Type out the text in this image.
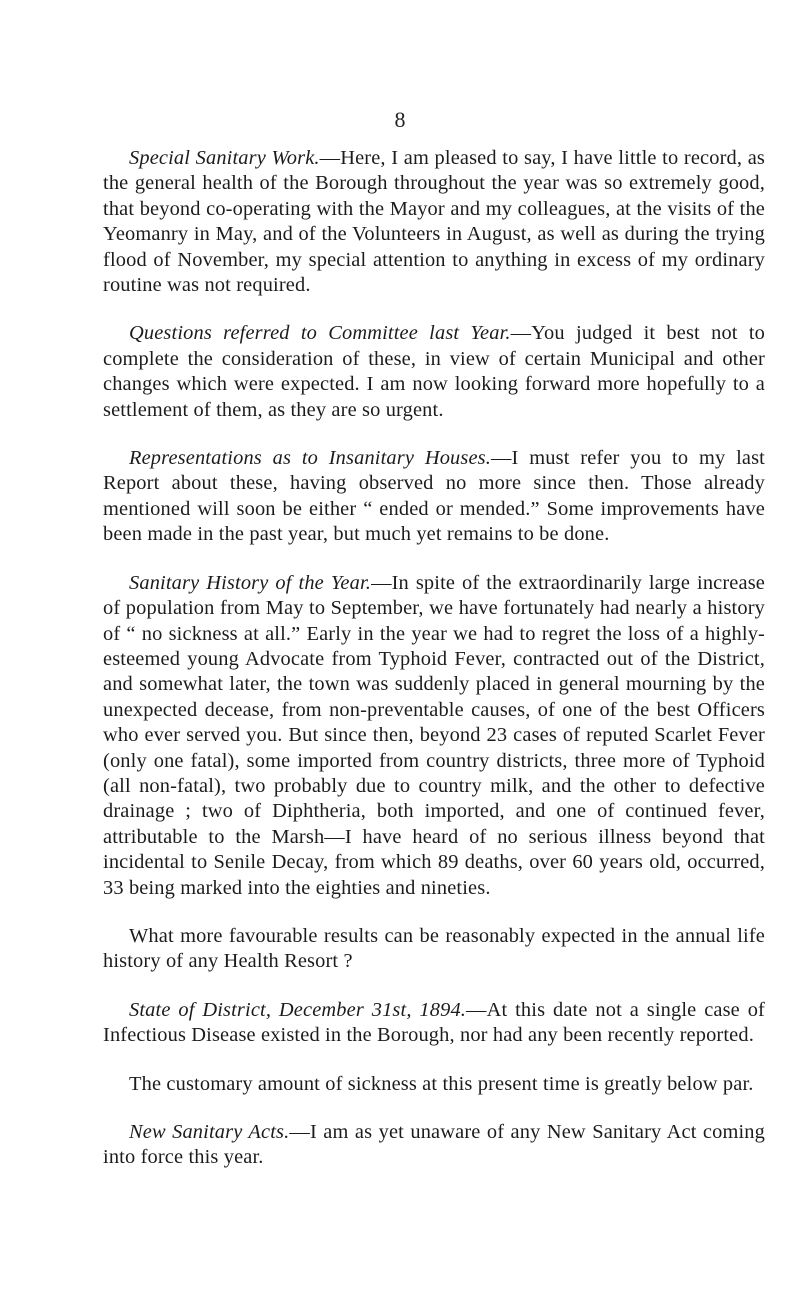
8

Special Sanitary Work.—Here, I am pleased to say, I have little to record, as the general health of the Borough throughout the year was so extremely good, that beyond co-operating with the Mayor and my colleagues, at the visits of the Yeomanry in May, and of the Volunteers in August, as well as during the trying flood of November, my special attention to anything in excess of my ordinary routine was not required.

Questions referred to Committee last Year.—You judged it best not to complete the consideration of these, in view of certain Municipal and other changes which were expected. I am now looking forward more hopefully to a settlement of them, as they are so urgent.

Representations as to Insanitary Houses.—I must refer you to my last Report about these, having observed no more since then. Those already mentioned will soon be either “ ended or mended.” Some improvements have been made in the past year, but much yet remains to be done.

Sanitary History of the Year.—In spite of the extraordinarily large increase of population from May to September, we have fortunately had nearly a history of “ no sickness at all.” Early in the year we had to regret the loss of a highly-esteemed young Advocate from Typhoid Fever, contracted out of the District, and somewhat later, the town was suddenly placed in general mourning by the unexpected decease, from non-preventable causes, of one of the best Officers who ever served you. But since then, beyond 23 cases of reputed Scarlet Fever (only one fatal), some imported from country districts, three more of Typhoid (all non-fatal), two probably due to country milk, and the other to defective drainage ; two of Diphtheria, both imported, and one of continued fever, attributable to the Marsh—I have heard of no serious illness beyond that incidental to Senile Decay, from which 89 deaths, over 60 years old, occurred, 33 being marked into the eighties and nineties.

What more favourable results can be reasonably expected in the annual life history of any Health Resort ?

State of District, December 31st, 1894.—At this date not a single case of Infectious Disease existed in the Borough, nor had any been recently reported.

The customary amount of sickness at this present time is greatly below par.

New Sanitary Acts.—I am as yet unaware of any New Sanitary Act coming into force this year.
